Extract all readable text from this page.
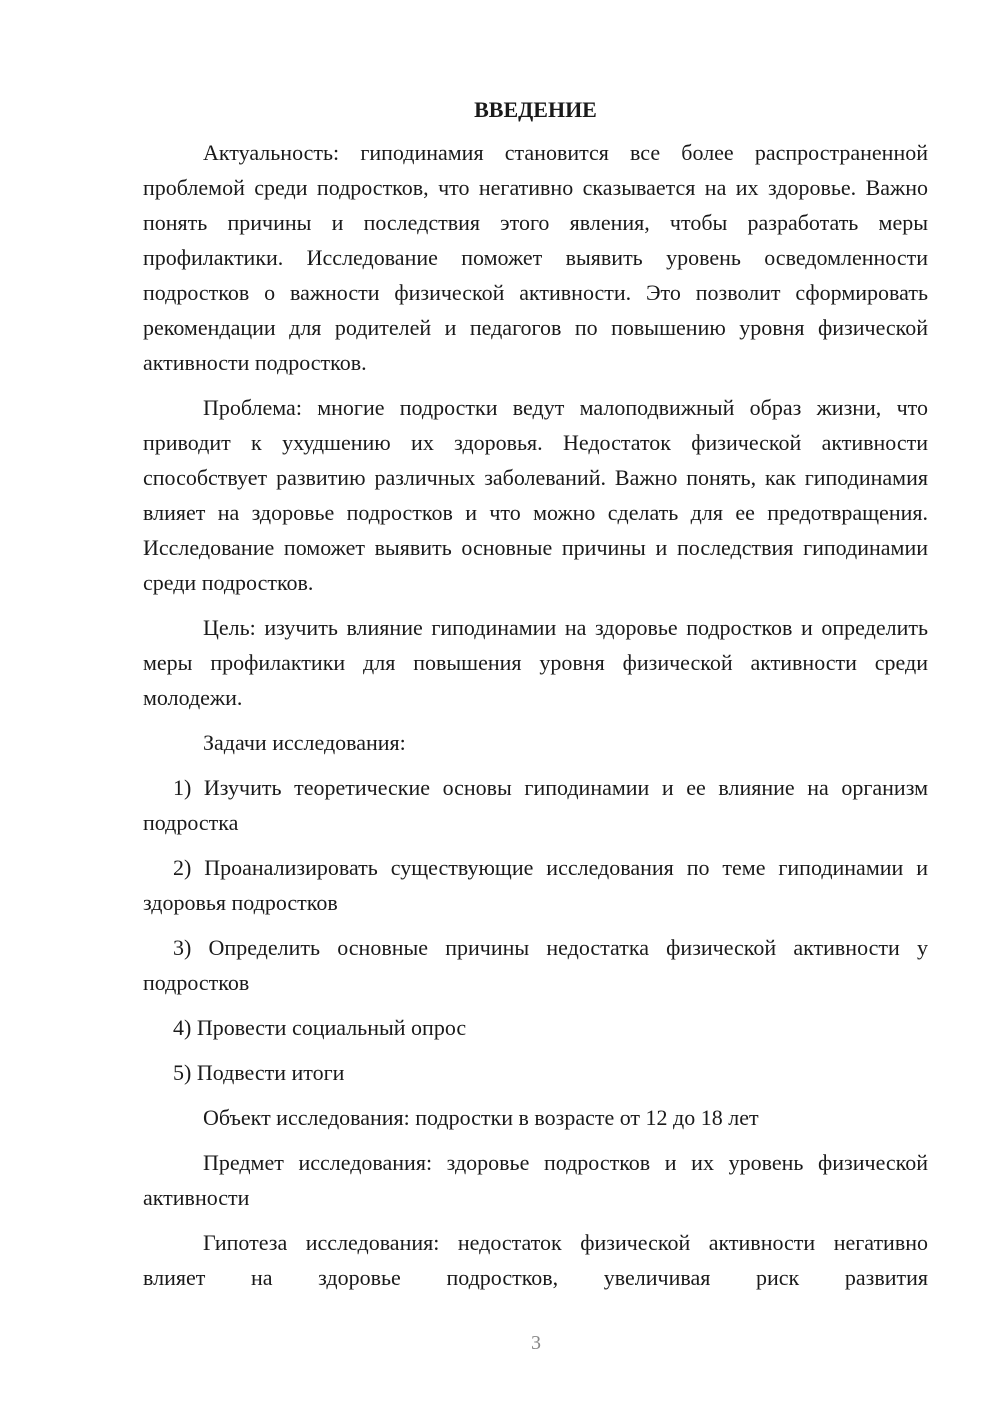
ВВЕДЕНИЕ

Актуальность: гиподинамия становится все более распространенной проблемой среди подростков, что негативно сказывается на их здоровье. Важно понять причины и последствия этого явления, чтобы разработать меры профилактики. Исследование поможет выявить уровень осведомленности подростков о важности физической активности. Это позволит сформировать рекомендации для родителей и педагогов по повышению уровня физической активности подростков.

Проблема: многие подростки ведут малоподвижный образ жизни, что приводит к ухудшению их здоровья. Недостаток физической активности способствует развитию различных заболеваний. Важно понять, как гиподинамия влияет на здоровье подростков и что можно сделать для ее предотвращения. Исследование поможет выявить основные причины и последствия гиподинамии среди подростков.

Цель: изучить влияние гиподинамии на здоровье подростков и определить меры профилактики для повышения уровня физической активности среди молодежи.

Задачи исследования:

1) Изучить теоретические основы гиподинамии и ее влияние на организм подростка

2) Проанализировать существующие исследования по теме гиподинамии и здоровья подростков

3) Определить основные причины недостатка физической активности у подростков

4) Провести социальный опрос

5) Подвести итоги

Объект исследования: подростки в возрасте от 12 до 18 лет

Предмет исследования: здоровье подростков и их уровень физической активности

Гипотеза исследования: недостаток физической активности негативно влияет на здоровье подростков, увеличивая риск развития

3
